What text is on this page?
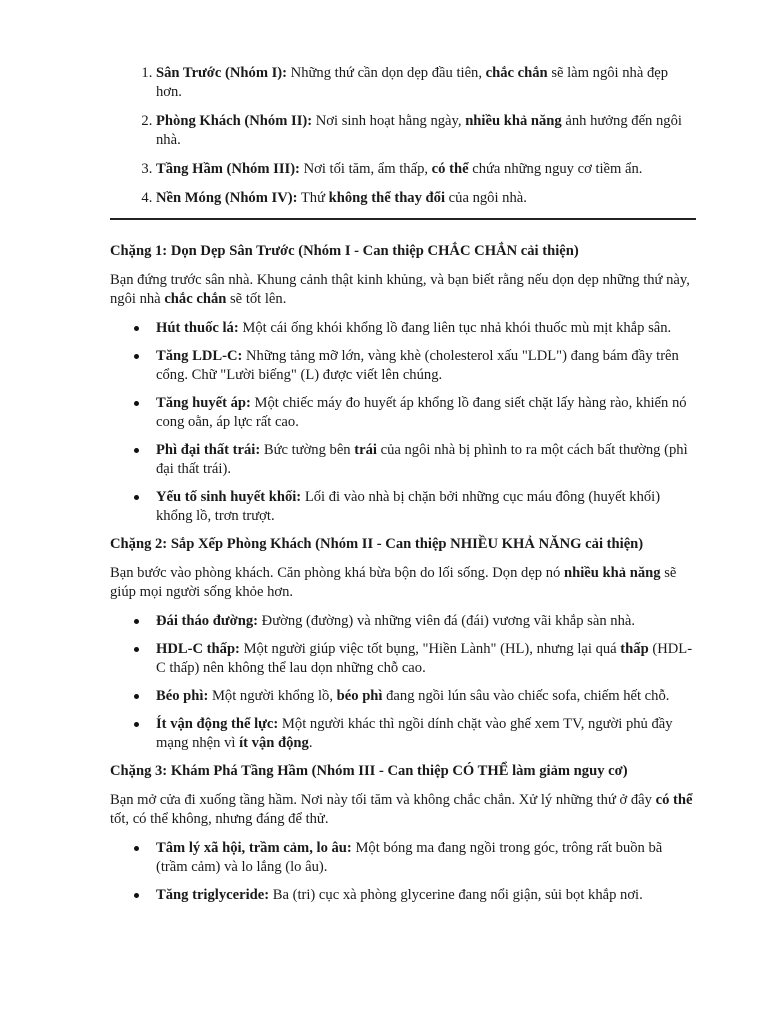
1. Sân Trước (Nhóm I): Những thứ cần dọn dẹp đầu tiên, chắc chắn sẽ làm ngôi nhà đẹp hơn.
2. Phòng Khách (Nhóm II): Nơi sinh hoạt hằng ngày, nhiều khả năng ảnh hưởng đến ngôi nhà.
3. Tầng Hầm (Nhóm III): Nơi tối tăm, ẩm thấp, có thể chứa những nguy cơ tiềm ẩn.
4. Nền Móng (Nhóm IV): Thứ không thể thay đổi của ngôi nhà.
Chặng 1: Dọn Dẹp Sân Trước (Nhóm I - Can thiệp CHẮC CHẮN cải thiện)
Bạn đứng trước sân nhà. Khung cảnh thật kinh khủng, và bạn biết rằng nếu dọn dẹp những thứ này, ngôi nhà chắc chắn sẽ tốt lên.
Hút thuốc lá: Một cái ống khói khổng lồ đang liên tục nhả khói thuốc mù mịt khắp sân.
Tăng LDL-C: Những tảng mỡ lớn, vàng khè (cholesterol xấu "LDL") đang bám đầy trên cổng. Chữ "Lười biếng" (L) được viết lên chúng.
Tăng huyết áp: Một chiếc máy đo huyết áp khổng lồ đang siết chặt lấy hàng rào, khiến nó cong oằn, áp lực rất cao.
Phì đại thất trái: Bức tường bên trái của ngôi nhà bị phình to ra một cách bất thường (phì đại thất trái).
Yếu tố sinh huyết khối: Lối đi vào nhà bị chặn bởi những cục máu đông (huyết khối) khổng lồ, trơn trượt.
Chặng 2: Sắp Xếp Phòng Khách (Nhóm II - Can thiệp NHIỀU KHẢ NĂNG cải thiện)
Bạn bước vào phòng khách. Căn phòng khá bừa bộn do lối sống. Dọn dẹp nó nhiều khả năng sẽ giúp mọi người sống khỏe hơn.
Đái tháo đường: Đường (đường) và những viên đá (đái) vương vãi khắp sàn nhà.
HDL-C thấp: Một người giúp việc tốt bụng, "Hiền Lành" (HL), nhưng lại quá thấp (HDL-C thấp) nên không thể lau dọn những chỗ cao.
Béo phì: Một người khổng lồ, béo phì đang ngồi lún sâu vào chiếc sofa, chiếm hết chỗ.
Ít vận động thể lực: Một người khác thì ngồi dính chặt vào ghế xem TV, người phủ đầy mạng nhện vì ít vận động.
Chặng 3: Khám Phá Tầng Hầm (Nhóm III - Can thiệp CÓ THỂ làm giảm nguy cơ)
Bạn mở cửa đi xuống tầng hầm. Nơi này tối tăm và không chắc chắn. Xử lý những thứ ở đây có thể tốt, có thể không, nhưng đáng để thử.
Tâm lý xã hội, trầm cảm, lo âu: Một bóng ma đang ngồi trong góc, trông rất buồn bã (trầm cảm) và lo lắng (lo âu).
Tăng triglyceride: Ba (tri) cục xà phòng glycerine đang nổi giận, sủi bọt khắp nơi.
